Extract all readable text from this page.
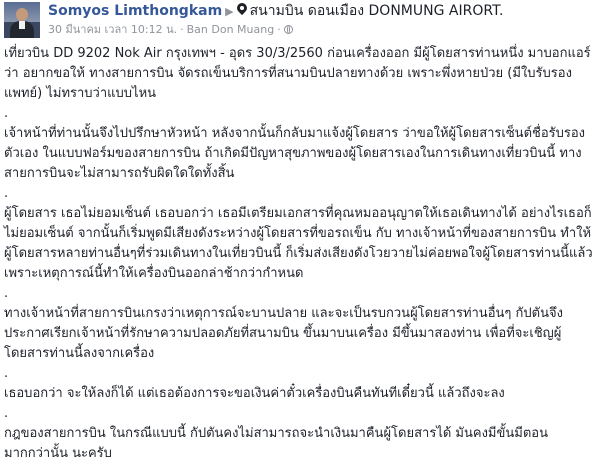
Somyos Limthongkam ▶ สนามบิน ดอนเมือง DONMUNG AIRORT.
30 มีนาคม เวลา 10:12 น. · Ban Don Muang ·

เที่ยวบิน DD 9202 Nok Air กรุงเทพฯ - อุดร 30/3/2560 ก่อนเครื่องออก มีผู้โดยสารท่านหนึ่ง มาบอกแอร์ว่า อยากขอให้ ทางสายการบิน จัดรถเข็นบริการที่สนามบินปลายทางด้วย เพราะพึ่งหายป่วย (มีใบรับรองแพทย์) ไม่ทราบว่าแบบไหน

.

เจ้าหน้าที่ท่านนั้นจึงไปปรึกษาหัวหน้า หลังจากนั้นก็กลับมาแจ้งผู้โดยสาร ว่าขอให้ผู้โดยสารเซ็นต์ชื่อรับรองตัวเอง ในแบบฟอร์มของสายการบิน ถ้าเกิดมีปัญหาสุขภาพของผู้โดยสารเองในการเดินทางเที่ยวบินนี้ ทางสายการบินจะไม่สามารถรับผิดใดใดทั้งสิ้น

.

ผู้โดยสาร เธอไม่ยอมเซ็นต์ เธอบอกว่า เธอมีเตรียมเอกสารที่คุณหมออนุญาตให้เธอเดินทางได้ อย่างไรเธอก็ไม่ยอมเซ็นต์ จากนั้นก็เริ่มพูดมีเสียงดังระหว่างผู้โดยสารที่ขอรถเข็น กับ ทางเจ้าหน้าที่ของสายการบิน ทำให้ผู้โดยสารหลายท่านอื่นๆที่ร่วมเดินทางในเที่ยวบินนี้ ก็เริ่มส่งเสียงดังโวยวายไม่ค่อยพอใจผู้โดยสารท่านนี้แล้ว เพราะเหตุการณ์นี้ทำให้เครื่องบินออกล่าช้ากว่ากำหนด

.

ทางเจ้าหน้าที่สายการบินเกรงว่าเหตุการณ์จะบานปลาย และจะเป็นรบกวนผู้โดยสารท่านอื่นๆ กัปตันจึงประกาศเรียกเจ้าหน้าที่รักษาความปลอดภัยที่สนามบิน ขึ้นมาบนเครื่อง มีขึ้นมาสองท่าน เพื่อที่จะเชิญผู้โดยสารท่านนี้ลงจากเครื่อง

.

เธอบอกว่า จะให้ลงก็ได้ แต่เธอต้องการจะขอเงินค่าตั๋วเครื่องบินคืนทันทีเดี๋ยวนี้ แล้วถึงจะลง

.

กฎของสายการบิน ในกรณีแบบนี้ กัปตันคงไม่สามารถจะนำเงินมาคืนผู้โดยสารได้ มันคงมีขั้นมีตอนมากกว่านั้น นะครับ
